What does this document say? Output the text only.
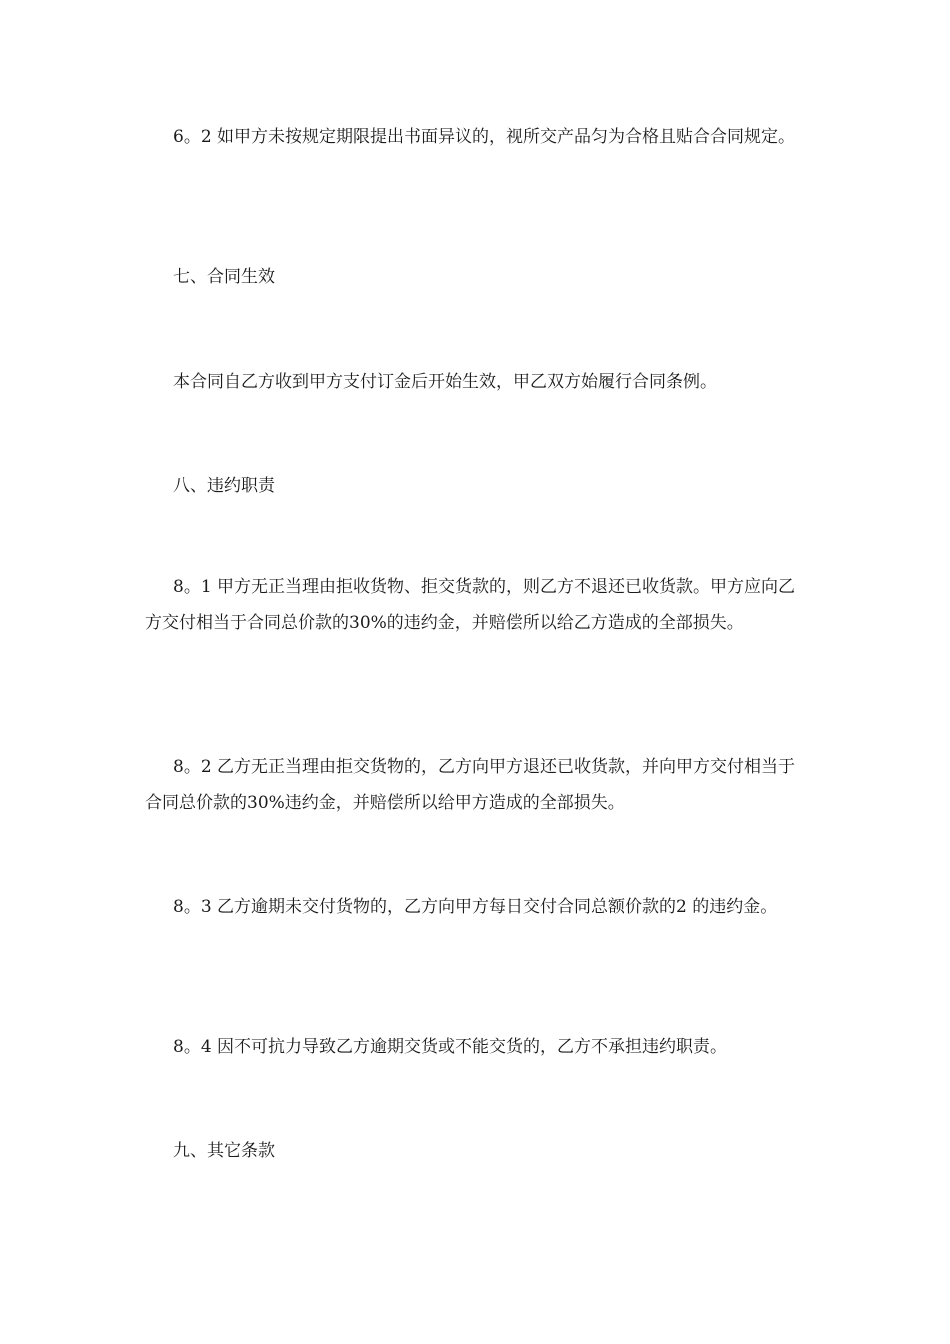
6。2 如甲方未按规定期限提出书面异议的，视所交产品匀为合格且贴合合同规定。

七、合同生效

本合同自乙方收到甲方支付订金后开始生效，甲乙双方始履行合同条例。

八、违约职责

8。1 甲方无正当理由拒收货物、拒交货款的，则乙方不退还已收货款。甲方应向乙方交付相当于合同总价款的30%的违约金，并赔偿所以给乙方造成的全部损失。

8。2 乙方无正当理由拒交货物的，乙方向甲方退还已收货款，并向甲方交付相当于合同总价款的30%违约金，并赔偿所以给甲方造成的全部损失。

8。3 乙方逾期未交付货物的，乙方向甲方每日交付合同总额价款的2 的违约金。

8。4 因不可抗力导致乙方逾期交货或不能交货的，乙方不承担违约职责。

九、其它条款
